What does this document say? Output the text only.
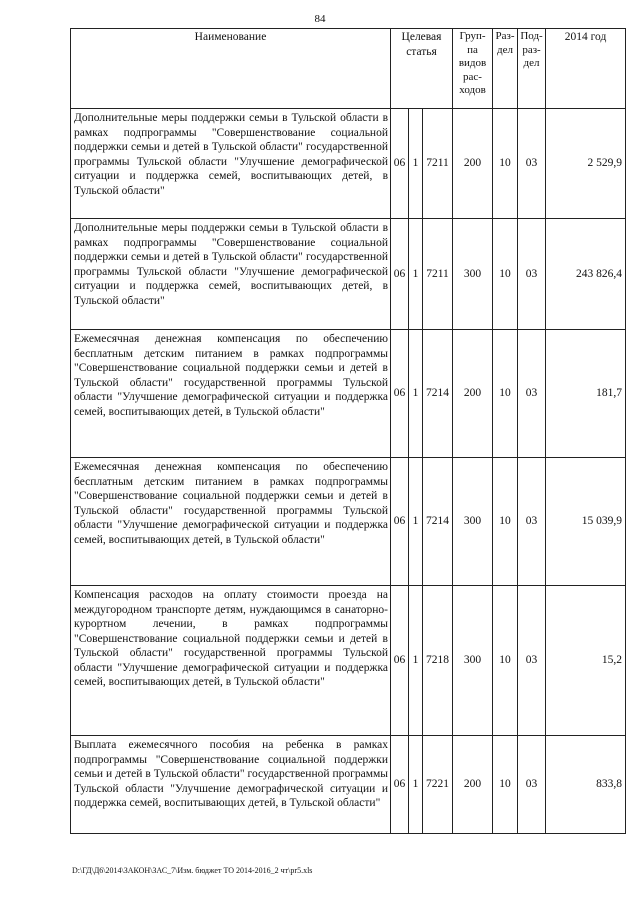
84
Наименование	Целевая статья			Груп-па видов рас-ходов	Раз-дел	Под-раз-дел	2014 год
Дополнительные меры поддержки семьи в Тульской области в рамках подпрограммы "Совершенствование социальной поддержки семьи и детей в Тульской области" государственной программы Тульской области "Улучшение демографической ситуации и поддержка семей, воспитывающих детей, в Тульской области"	06	1	7211	200	10	03	2 529,9
Дополнительные меры поддержки семьи в Тульской области в рамках подпрограммы "Совершенствование социальной поддержки семьи и детей в Тульской области" государственной программы Тульской области "Улучшение демографической ситуации и поддержка семей, воспитывающих детей, в Тульской области"	06	1	7211	300	10	03	243 826,4
Ежемесячная денежная компенсация по обеспечению бесплатным детским питанием в рамках подпрограммы "Совершенствование социальной поддержки семьи и детей в Тульской области" государственной программы Тульской области "Улучшение демографической ситуации и поддержка семей, воспитывающих детей, в Тульской области"	06	1	7214	200	10	03	181,7
Ежемесячная денежная компенсация по обеспечению бесплатным детским питанием в рамках подпрограммы "Совершенствование социальной поддержки семьи и детей в Тульской области" государственной программы Тульской области "Улучшение демографической ситуации и поддержка семей, воспитывающих детей, в Тульской области"	06	1	7214	300	10	03	15 039,9
Компенсация расходов на оплату стоимости проезда на междугородном транспорте детям, нуждающимся в санаторно-курортном лечении, в рамках подпрограммы "Совершенствование социальной поддержки семьи и детей в Тульской области" государственной программы Тульской области "Улучшение демографической ситуации и поддержка семей, воспитывающих детей, в Тульской области"	06	1	7218	300	10	03	15,2
Выплата ежемесячного пособия на ребенка в рамках подпрограммы "Совершенствование социальной поддержки семьи и детей в Тульской области" государственной программы Тульской области "Улучшение демографической ситуации и поддержка семей, воспитывающих детей, в Тульской области"	06	1	7221	200	10	03	833,8
D:\ГД\Д6\2014\ЗАКОН\ЗАС_7\Изм. бюджет ТО 2014-2016_2 чт\pr5.xls
